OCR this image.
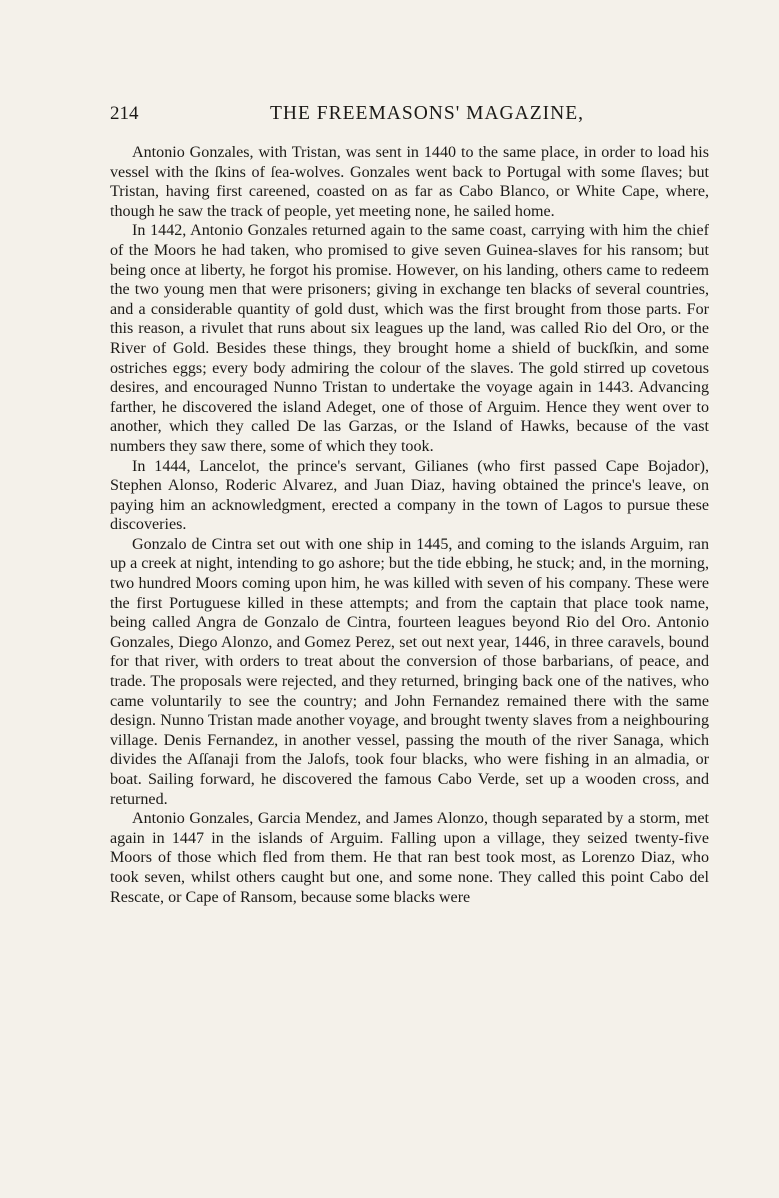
214	THE FREEMASONS' MAGAZINE,

Antonio Gonzales, with Tristan, was sent in 1440 to the same place, in order to load his vessel with the ſkins of ſea-wolves. Gonzales went back to Portugal with some ſlaves; but Tristan, having first careened, coasted on as far as Cabo Blanco, or White Cape, where, though he saw the track of people, yet meeting none, he sailed home.

In 1442, Antonio Gonzales returned again to the same coast, carrying with him the chief of the Moors he had taken, who promised to give seven Guinea-slaves for his ransom; but being once at liberty, he forgot his promise. However, on his landing, others came to redeem the two young men that were prisoners; giving in exchange ten blacks of several countries, and a considerable quantity of gold dust, which was the first brought from those parts. For this reason, a rivulet that runs about six leagues up the land, was called Rio del Oro, or the River of Gold. Besides these things, they brought home a shield of buckſkin, and some ostriches eggs; every body admiring the colour of the slaves. The gold stirred up covetous desires, and encouraged Nunno Tristan to undertake the voyage again in 1443. Advancing farther, he discovered the island Adeget, one of those of Arguim. Hence they went over to another, which they called De las Garzas, or the Island of Hawks, because of the vast numbers they saw there, some of which they took.

In 1444, Lancelot, the prince's servant, Gilianes (who first passed Cape Bojador), Stephen Alonso, Roderic Alvarez, and Juan Diaz, having obtained the prince's leave, on paying him an acknowledgment, erected a company in the town of Lagos to pursue these discoveries.

Gonzalo de Cintra set out with one ship in 1445, and coming to the islands Arguim, ran up a creek at night, intending to go ashore; but the tide ebbing, he stuck; and, in the morning, two hundred Moors coming upon him, he was killed with seven of his company. These were the first Portuguese killed in these attempts; and from the captain that place took name, being called Angra de Gonzalo de Cintra, fourteen leagues beyond Rio del Oro. Antonio Gonzales, Diego Alonzo, and Gomez Perez, set out next year, 1446, in three caravels, bound for that river, with orders to treat about the conversion of those barbarians, of peace, and trade. The proposals were rejected, and they returned, bringing back one of the natives, who came voluntarily to see the country; and John Fernandez remained there with the same design. Nunno Tristan made another voyage, and brought twenty slaves from a neighbouring village. Denis Fernandez, in another vessel, passing the mouth of the river Sanaga, which divides the Aſſanaji from the Jalofs, took four blacks, who were fishing in an almadia, or boat. Sailing forward, he discovered the famous Cabo Verde, set up a wooden cross, and returned.

Antonio Gonzales, Garcia Mendez, and James Alonzo, though separated by a storm, met again in 1447 in the islands of Arguim. Falling upon a village, they seized twenty-five Moors of those which fled from them. He that ran best took most, as Lorenzo Diaz, who took seven, whilst others caught but one, and some none. They called this point Cabo del Rescate, or Cape of Ransom, because some blacks were
